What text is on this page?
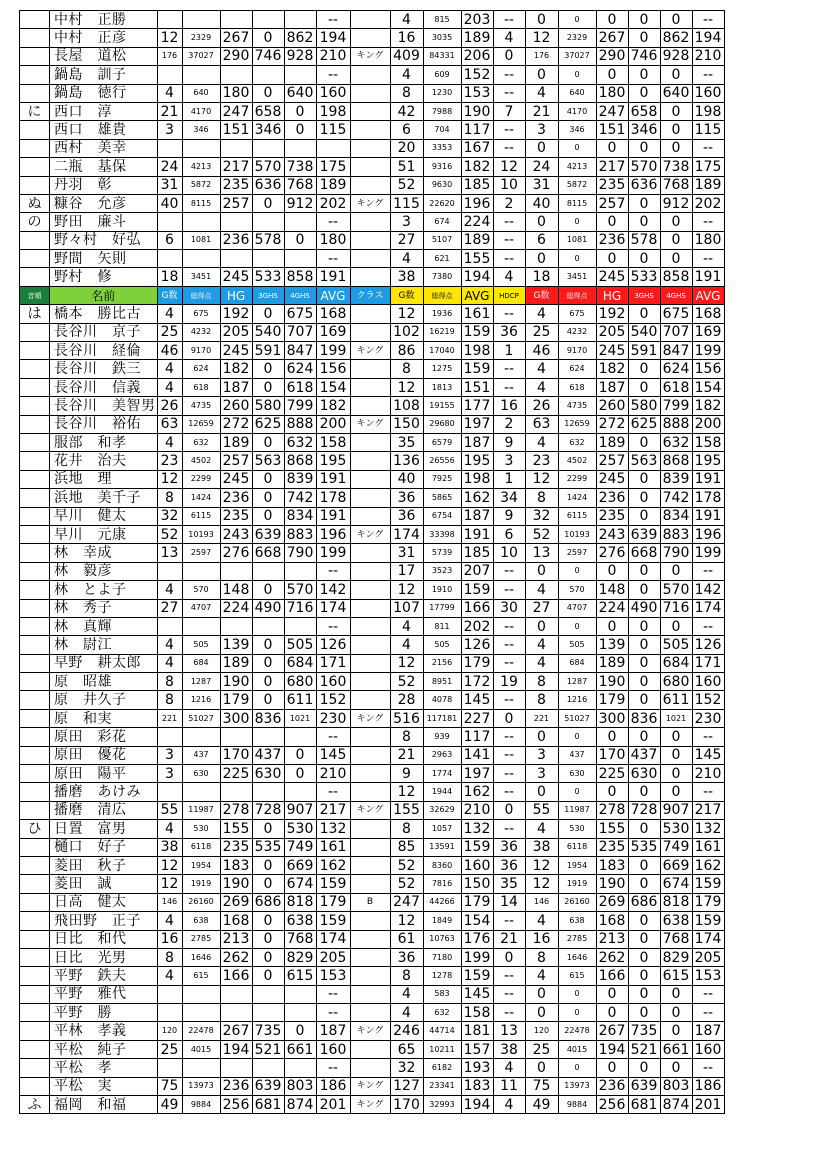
	中村　正勝						--		4	815	203	--	0	0	0	0	0	--
	中村　正彦	12	2329	267	0	862	194		16	3035	189	4	12	2329	267	0	862	194
	長屋　道松	176	37027	290	746	928	210	キング	409	84331	206	0	176	37027	290	746	928	210
	鍋島　訓子						--		4	609	152	--	0	0	0	0	0	--
	鍋島　徳行	4	640	180	0	640	160		8	1230	153	--	4	640	180	0	640	160
に	西口　淳	21	4170	247	658	0	198		42	7988	190	7	21	4170	247	658	0	198
	西口　雄貴	3	346	151	346	0	115		6	704	117	--	3	346	151	346	0	115
	西村　美幸								20	3353	167	--	0	0	0	0	0	--
	二瓶　基保	24	4213	217	570	738	175		51	9316	182	12	24	4213	217	570	738	175
	丹羽　彰	31	5872	235	636	768	189		52	9630	185	10	31	5872	235	636	768	189
ぬ	糠谷　允彦	40	8115	257	0	912	202	キング	115	22620	196	2	40	8115	257	0	912	202
の	野田　廉斗						--		3	674	224	--	0	0	0	0	0	--
	野々村　好弘	6	1081	236	578	0	180		27	5107	189	--	6	1081	236	578	0	180
	野間　矢則						--		4	621	155	--	0	0	0	0	0	--
	野村　修	18	3451	245	533	858	191		38	7380	194	4	18	3451	245	533	858	191
音順	名前	G数	総得点	HG	3GHS	4GHS	AVG	クラス	G数	総得点	AVG	HDCP	G数	総得点	HG	3GHS	4GHS	AVG
は	橋本　勝比古	4	675	192	0	675	168		12	1936	161	--	4	675	192	0	675	168
	長谷川　京子	25	4232	205	540	707	169		102	16219	159	36	25	4232	205	540	707	169
	長谷川　経倫	46	9170	245	591	847	199	キング	86	17040	198	1	46	9170	245	591	847	199
	長谷川　鉄三	4	624	182	0	624	156		8	1275	159	--	4	624	182	0	624	156
	長谷川　信義	4	618	187	0	618	154		12	1813	151	--	4	618	187	0	618	154
	長谷川　美智男	26	4735	260	580	799	182		108	19155	177	16	26	4735	260	580	799	182
	長谷川　裕佑	63	12659	272	625	888	200	キング	150	29680	197	2	63	12659	272	625	888	200
	服部　和孝	4	632	189	0	632	158		35	6579	187	9	4	632	189	0	632	158
	花井　治夫	23	4502	257	563	868	195		136	26556	195	3	23	4502	257	563	868	195
	浜地　理	12	2299	245	0	839	191		40	7925	198	1	12	2299	245	0	839	191
	浜地　美千子	8	1424	236	0	742	178		36	5865	162	34	8	1424	236	0	742	178
	早川　健太	32	6115	235	0	834	191		36	6754	187	9	32	6115	235	0	834	191
	早川　元康	52	10193	243	639	883	196	キング	174	33398	191	6	52	10193	243	639	883	196
	林　幸成	13	2597	276	668	790	199		31	5739	185	10	13	2597	276	668	790	199
	林　毅彦						--		17	3523	207	--	0	0	0	0	0	--
	林　とよ子	4	570	148	0	570	142		12	1910	159	--	4	570	148	0	570	142
	林　秀子	27	4707	224	490	716	174		107	17799	166	30	27	4707	224	490	716	174
	林　真輝						--		4	811	202	--	0	0	0	0	0	--
	林　尉江	4	505	139	0	505	126		4	505	126	--	4	505	139	0	505	126
	早野　耕太郎	4	684	189	0	684	171		12	2156	179	--	4	684	189	0	684	171
	原　昭雄	8	1287	190	0	680	160		52	8951	172	19	8	1287	190	0	680	160
	原　井久子	8	1216	179	0	611	152		28	4078	145	--	8	1216	179	0	611	152
	原　和実	221	51027	300	836	1021	230	キング	516	117181	227	0	221	51027	300	836	1021	230
	原田　彩花						--		8	939	117	--	0	0	0	0	0	--
	原田　優花	3	437	170	437	0	145		21	2963	141	--	3	437	170	437	0	145
	原田　陽平	3	630	225	630	0	210		9	1774	197	--	3	630	225	630	0	210
	播磨　あけみ						--		12	1944	162	--	0	0	0	0	0	--
	播磨　清広	55	11987	278	728	907	217	キング	155	32629	210	0	55	11987	278	728	907	217
ひ	日置　富男	4	530	155	0	530	132		8	1057	132	--	4	530	155	0	530	132
	樋口　好子	38	6118	235	535	749	161		85	13591	159	36	38	6118	235	535	749	161
	菱田　秋子	12	1954	183	0	669	162		52	8360	160	36	12	1954	183	0	669	162
	菱田　誠	12	1919	190	0	674	159		52	7816	150	35	12	1919	190	0	674	159
	日高　健太	146	26160	269	686	818	179	B	247	44266	179	14	146	26160	269	686	818	179
	飛田野　正子	4	638	168	0	638	159		12	1849	154	--	4	638	168	0	638	159
	日比　和代	16	2785	213	0	768	174		61	10763	176	21	16	2785	213	0	768	174
	日比　光男	8	1646	262	0	829	205		36	7180	199	0	8	1646	262	0	829	205
	平野　鉄夫	4	615	166	0	615	153		8	1278	159	--	4	615	166	0	615	153
	平野　雅代						--		4	583	145	--	0	0	0	0	0	--
	平野　勝						--		4	632	158	--	0	0	0	0	0	--
	平林　孝義	120	22478	267	735	0	187	キング	246	44714	181	13	120	22478	267	735	0	187
	平松　純子	25	4015	194	521	661	160		65	10211	157	38	25	4015	194	521	661	160
	平松　孝						--		32	6182	193	4	0	0	0	0	0	--
	平松　実	75	13973	236	639	803	186	キング	127	23341	183	11	75	13973	236	639	803	186
ふ	福岡　和福	49	9884	256	681	874	201	キング	170	32993	194	4	49	9884	256	681	874	201
